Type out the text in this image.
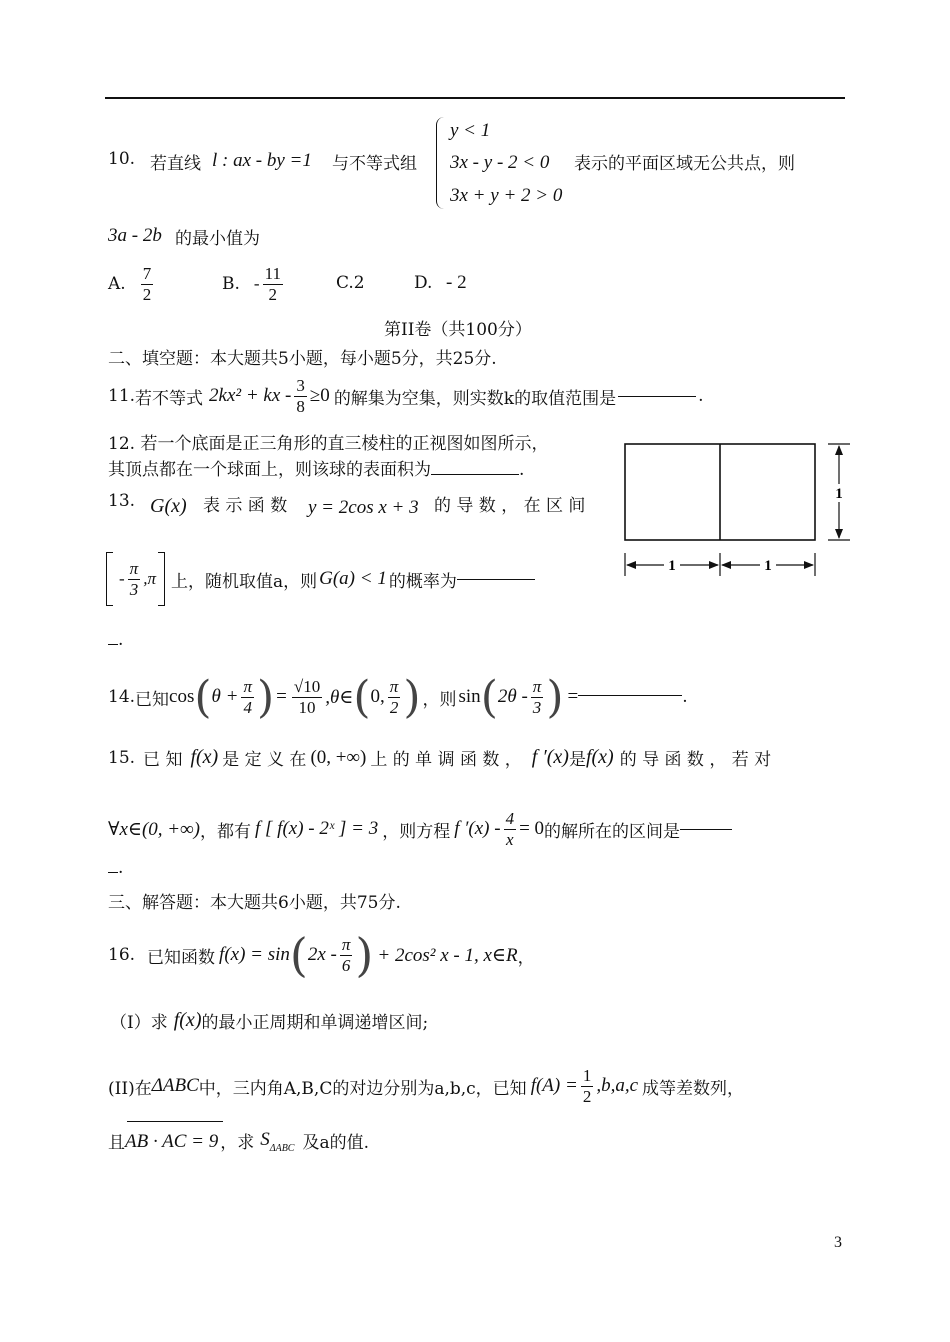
10. 若直线 l : ax - by =1 与不等式组
y < 1
3x - y - 2 < 0
3x + y + 2 > 0
表示的平面区域无公共点，则
3a - 2b 的最小值为
A. $\frac{7}{2}$	B. - $\frac{11}{2}$	C.2	D. - 2
第II卷（共100分）
二、填空题：本大题共5小题，每小题5分，共25分.
11. 若不等式 2kx² + kx - $\frac{3}{8} \ge 0$ 的解集为空集，则实数k的取值范围是	.
12. 若一个底面是正三角形的直三棱柱的正视图如图所示，
其顶点都在一个球面上，则该球的表面积为	.
1
1	1
13. G(x) 表 示 函 数 y = 2cos x + 3 的 导 数 ， 在 区 间
- $\frac{\pi}{3} ,\pi$ 上，随机取值a，则 G(a) < 1 的概率为
.
14. 已知 cos ( $\theta + \frac{\pi}{4}$ ) = $\frac{√10}{10}$ ,θ∈ ( 0, $\frac{\pi}{2}$ ) ，则 sin ( $2\theta - \frac{\pi}{3}$ ) =	.
15. 已 知 f(x) 是 定 义 在 (0, +∞) 上 的 单 调 函 数 ， f ′(x) 是 f(x) 的 导 函 数 ， 若 对
∀x∈(0, +∞) ，都有 f [ f(x) - 2ˣ ] = 3 ，则方程 f $'(x) - \frac{4}{x} = 0$ 的解所在的区间是
.
三、解答题：本大题共6小题，共75分.
16. 已知函数 f(x) = sin ( $2x - \frac{\pi}{6}$ ) + 2cos² x - 1, x∈R ，
（I）求 f(x) 的最小正周期和单调递增区间;
(II)在 ΔABC 中，三内角A,B,C的对边分别为a,b,c，已知 $f(A) = \frac{1}{2} ,b,a,c$ 成等差数列，
且 AB · AC = 9 ，求 S ΔABC 及a的值.
3
